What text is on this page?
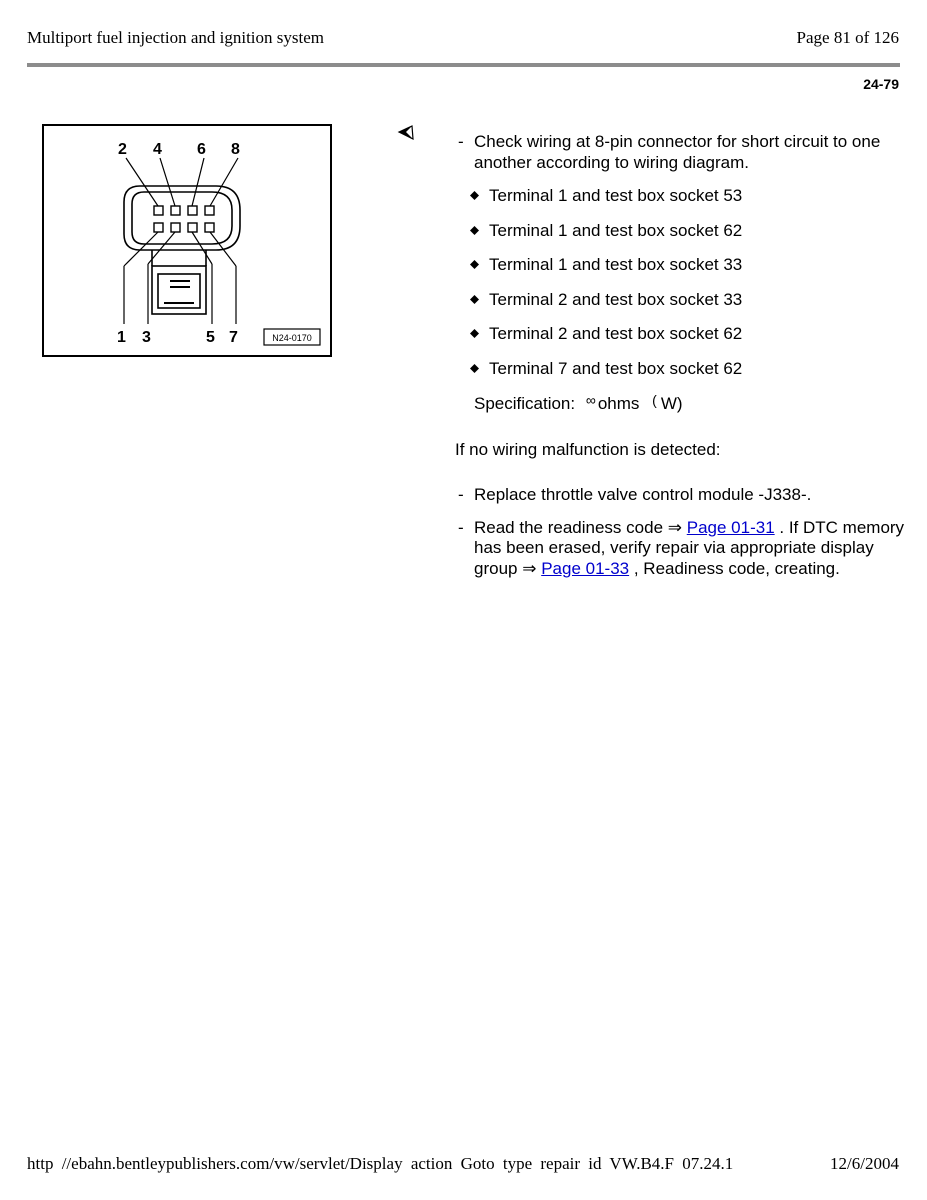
Multiport fuel injection and ignition system	Page 81 of 126
24-79
2 4 6 8
1 3	5 7	N24-0170
- Check wiring at 8-pin connector for short circuit to one another according to wiring diagram.
Terminal 1 and test box socket 53
Terminal 1 and test box socket 62
Terminal 1 and test box socket 33
Terminal 2 and test box socket 33
Terminal 2 and test box socket 62
Terminal 7 and test box socket 62
Specification: ∞ ohms ( W)
If no wiring malfunction is detected:
- Replace throttle valve control module -J338-.
- Read the readiness code ⇒ Page 01-31 . If DTC memory has been erased, verify repair via appropriate display group ⇒ Page 01-33 , Readiness code, creating.
http //ebahn.bentleypublishers.com/vw/servlet/Display action Goto type repair id VW.B4.F 07.24.1	12/6/2004
